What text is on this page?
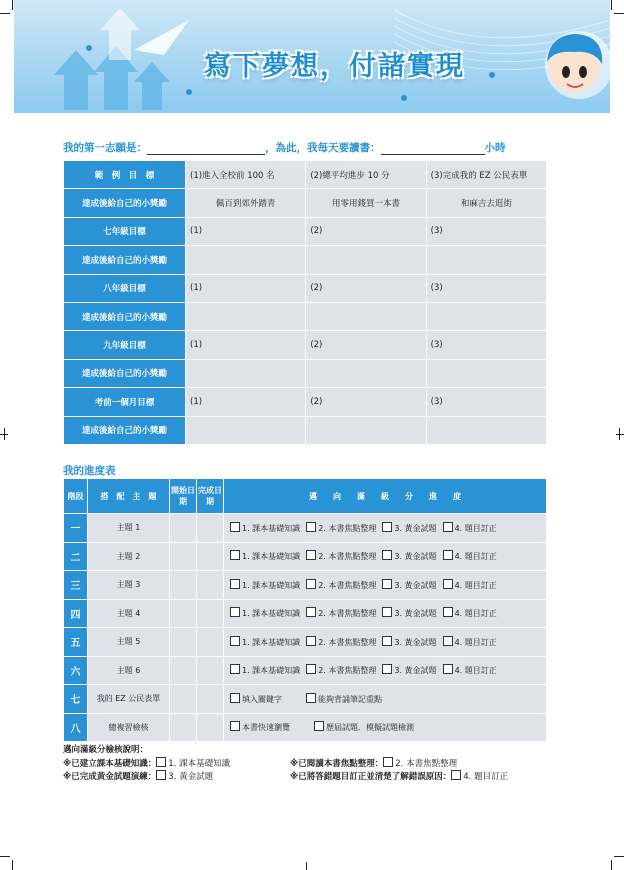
寫下夢想，付諸實現
我的第一志願是：	，為此，我每天要讀書：	小時
範　例　目　標	(1)進入全校前 100 名	(2)總平均進步 10 分	(3)完成我的 EZ 公民表單
達成後給自己的小獎勵	佩百到郊外踏青	用零用錢買一本書	和麻吉去逛街
七年級目標	(1)	(2)	(3)
達成後給自己的小獎勵			
八年級目標	(1)	(2)	(3)
達成後給自己的小獎勵			
九年級目標	(1)	(2)	(3)
達成後給自己的小獎勵			
考前一個月目標	(1)	(2)	(3)
達成後給自己的小獎勵			
我的進度表
階段	搭　配　主　題	開始日期	完成日期	邁　　向　　滿　　級　　分　　進　　度
一	主題 1			1. 課本基礎知識 2. 本書焦點整理 3. 黃金試題 4. 題目訂正
二	主題 2			1. 課本基礎知識 2. 本書焦點整理 3. 黃金試題 4. 題目訂正
三	主題 3			1. 課本基礎知識 2. 本書焦點整理 3. 黃金試題 4. 題目訂正
四	主題 4			1. 課本基礎知識 2. 本書焦點整理 3. 黃金試題 4. 題目訂正
五	主題 5			1. 課本基礎知識 2. 本書焦點整理 3. 黃金試題 4. 題目訂正
六	主題 6			1. 課本基礎知識 2. 本書焦點整理 3. 黃金試題 4. 題目訂正
七	我的 EZ 公民表單			填入關鍵字 能夠背誦筆記重點
八	總複習檢核			本書快速瀏覽 歷屆試題．模擬試題檢測
邁向滿級分檢核說明：
※已建立課本基礎知識： 1. 課本基礎知識	※已閱讀本書焦點整理： 2. 本書焦點整理
※已完成黃金試題演練： 3. 黃金試題	※已將答錯題目訂正並清楚了解錯誤原因： 4. 題目訂正
